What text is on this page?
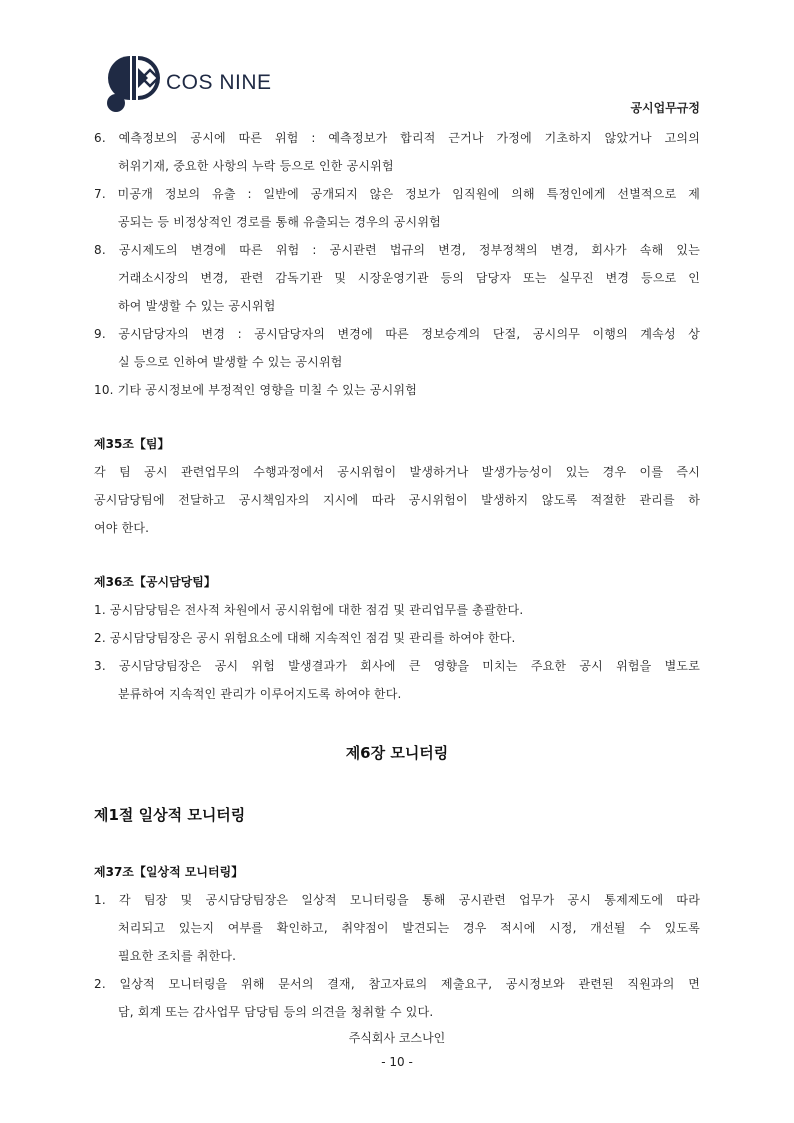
COS NINE
공시업무규정
6. 예측정보의 공시에 따른 위험 : 예측정보가 합리적 근거나 가정에 기초하지 않았거나 고의의
허위기재, 중요한 사항의 누락 등으로 인한 공시위험
7. 미공개 정보의 유출 : 일반에 공개되지 않은 정보가 임직원에 의해 특정인에게 선별적으로 제
공되는 등 비정상적인 경로를 통해 유출되는 경우의 공시위험
8. 공시제도의 변경에 따른 위험 : 공시관련 법규의 변경, 정부정책의 변경, 회사가 속해 있는
거래소시장의 변경, 관련 감독기관 및 시장운영기관 등의 담당자 또는 실무진 변경 등으로 인
하여 발생할 수 있는 공시위험
9. 공시담당자의 변경 : 공시담당자의 변경에 따른 정보승계의 단절, 공시의무 이행의 계속성 상
실 등으로 인하여 발생할 수 있는 공시위험
10. 기타 공시정보에 부정적인 영향을 미칠 수 있는 공시위험
제35조【팀】
각 팀 공시 관련업무의 수행과정에서 공시위험이 발생하거나 발생가능성이 있는 경우 이를 즉시
공시담당팀에 전달하고 공시책임자의 지시에 따라 공시위험이 발생하지 않도록 적절한 관리를 하
여야 한다.
제36조【공시담당팀】
1. 공시담당팀은 전사적 차원에서 공시위험에 대한 점검 및 관리업무를 총괄한다.
2. 공시담당팀장은 공시 위험요소에 대해 지속적인 점검 및 관리를 하여야 한다.
3. 공시담당팀장은 공시 위험 발생결과가 회사에 큰 영향을 미치는 주요한 공시 위험을 별도로
분류하여 지속적인 관리가 이루어지도록 하여야 한다.
제6장 모니터링
제1절 일상적 모니터링
제37조【일상적 모니터링】
1. 각 팀장 및 공시담당팀장은 일상적 모니터링을 통해 공시관련 업무가 공시 통제제도에 따라
처리되고 있는지 여부를 확인하고, 취약점이 발견되는 경우 적시에 시정, 개선될 수 있도록
필요한 조치를 취한다.
2. 일상적 모니터링을 위해 문서의 결재, 참고자료의 제출요구, 공시정보와 관련된 직원과의 면
담, 회계 또는 감사업무 담당팀 등의 의견을 청취할 수 있다.
주식회사 코스나인
- 10 -
